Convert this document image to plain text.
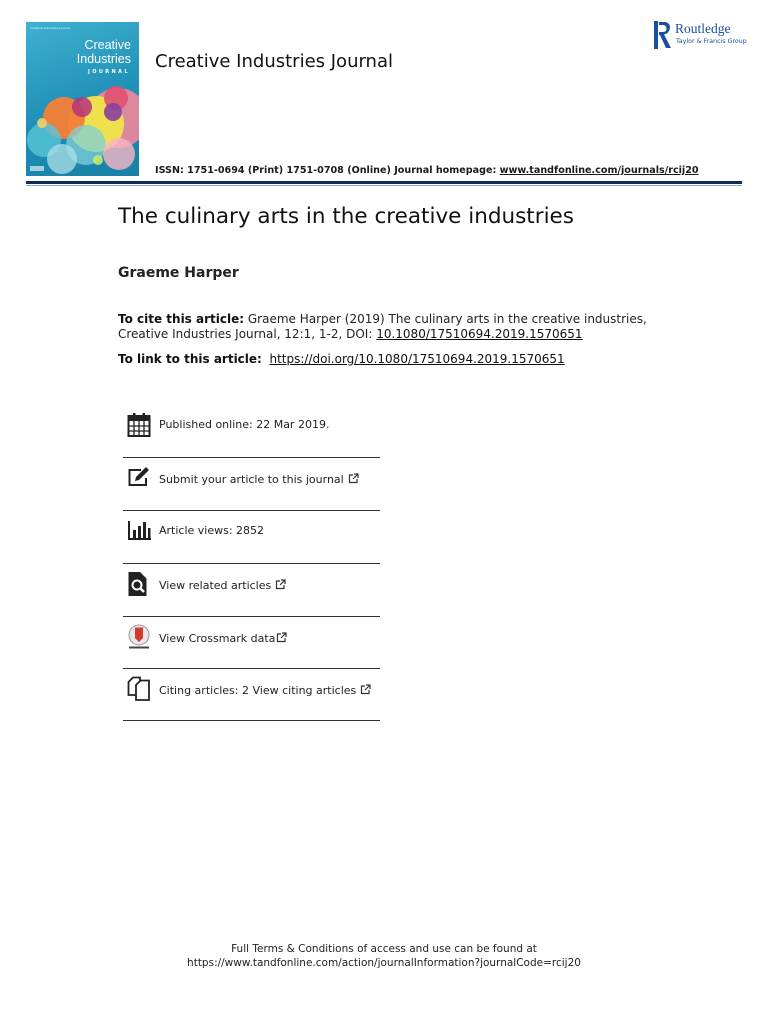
Creative Industries Journal
Creative
Industries
JOURNAL Creative Industries Journal
Routledge
Taylor & Francis Group
ISSN: 1751-0694 (Print) 1751-0708 (Online) Journal homepage: www.tandfonline.com/journals/rcij20
The culinary arts in the creative industries
Graeme Harper
To cite this article: Graeme Harper (2019) The culinary arts in the creative industries, Creative Industries Journal, 12:1, 1-2, DOI: 10.1080/17510694.2019.1570651
To link to this article: https://doi.org/10.1080/17510694.2019.1570651
Published online: 22 Mar 2019.
Submit your article to this journal
Article views: 2852
View related articles
View Crossmark data
Citing articles: 2 View citing articles
Full Terms & Conditions of access and use can be found at
https://www.tandfonline.com/action/journalInformation?journalCode=rcij20
